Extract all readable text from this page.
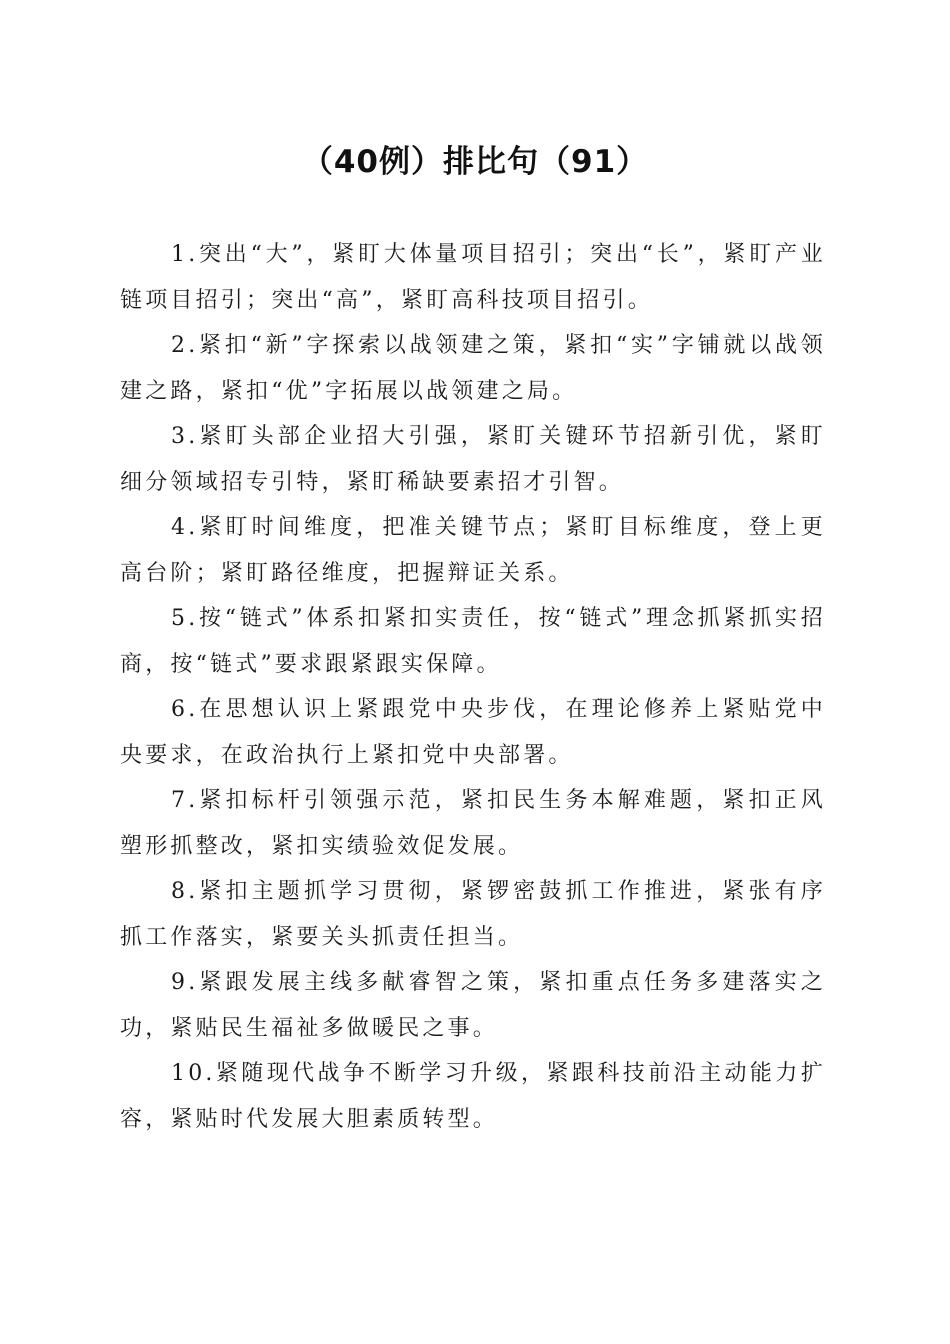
（40例）排比句（91）

1.突出“大”，紧盯大体量项目招引；突出“长”，紧盯产业链项目招引；突出“高”，紧盯高科技项目招引。

2.紧扣“新”字探索以战领建之策，紧扣“实”字铺就以战领建之路，紧扣“优”字拓展以战领建之局。

3.紧盯头部企业招大引强，紧盯关键环节招新引优，紧盯细分领域招专引特，紧盯稀缺要素招才引智。

4.紧盯时间维度，把准关键节点；紧盯目标维度，登上更高台阶；紧盯路径维度，把握辩证关系。

5.按“链式”体系扣紧扣实责任，按“链式”理念抓紧抓实招商，按“链式”要求跟紧跟实保障。

6.在思想认识上紧跟党中央步伐，在理论修养上紧贴党中央要求，在政治执行上紧扣党中央部署。

7.紧扣标杆引领强示范，紧扣民生务本解难题，紧扣正风塑形抓整改，紧扣实绩验效促发展。

8.紧扣主题抓学习贯彻，紧锣密鼓抓工作推进，紧张有序抓工作落实，紧要关头抓责任担当。

9.紧跟发展主线多献睿智之策，紧扣重点任务多建落实之功，紧贴民生福祉多做暖民之事。

10.紧随现代战争不断学习升级，紧跟科技前沿主动能力扩容，紧贴时代发展大胆素质转型。
